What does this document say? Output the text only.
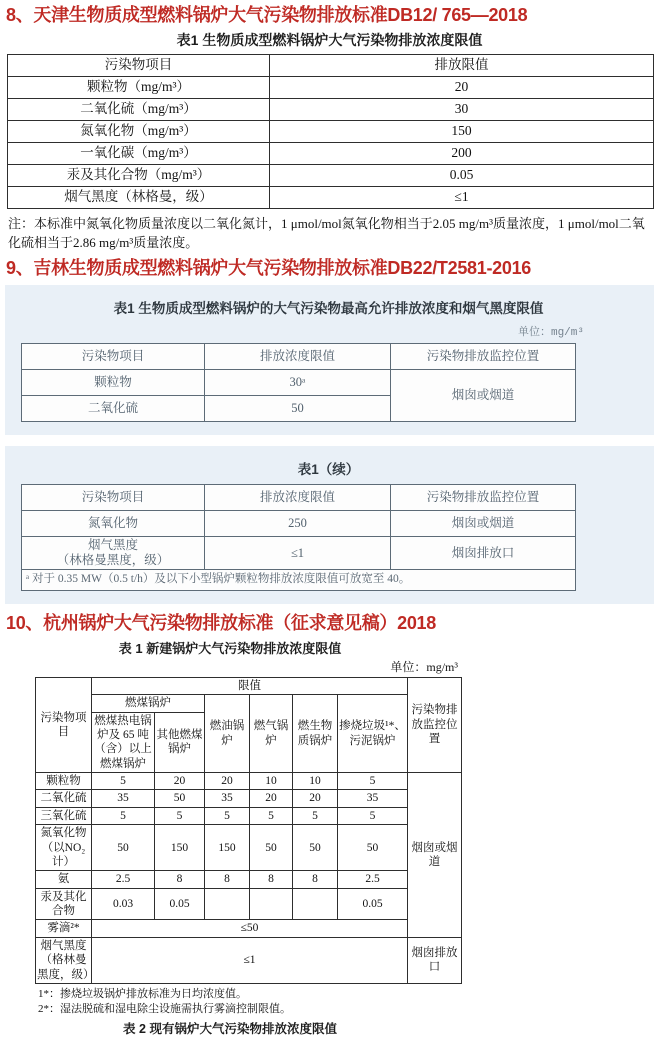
8、天津生物质成型燃料锅炉大气污染物排放标准DB12/ 765—2018
表1 生物质成型燃料锅炉大气污染物排放浓度限值
污染物项目	排放限值
颗粒物（mg/m³）	20
二氧化硫（mg/m³）	30
氮氧化物（mg/m³）	150
一氧化碳（mg/m³）	200
汞及其化合物（mg/m³）	0.05
烟气黑度（林格曼，级）	≤1
注：本标准中氮氧化物质量浓度以二氧化氮计，1 μmol/mol氮氧化物相当于2.05 mg/m³质量浓度，1 μmol/mol二氧化硫相当于2.86 mg/m³质量浓度。
9、吉林生物质成型燃料锅炉大气污染物排放标准DB22/T2581-2016
表1 生物质成型燃料锅炉的大气污染物最高允许排放浓度和烟气黑度限值
单位：mg/m³
污染物项目	排放浓度限值	污染物排放监控位置
颗粒物	30ᵃ	烟囱或烟道
二氧化硫	50	
表1（续）
污染物项目	排放浓度限值	污染物排放监控位置
氮氧化物	250	烟囱或烟道

烟气黑度
（林格曼黑度，级）	≤1	烟囱排放口
ᵃ 对于 0.35 MW（0.5 t/h）及以下小型锅炉颗粒物排放浓度限值可放宽至 40。		
10、杭州锅炉大气污染物排放标准（征求意见稿）2018
表 1 新建锅炉大气污染物排放浓度限值
单位：mg/m³
污染物项目	限值						污染物排放监控位置
	燃煤锅炉		燃油锅炉	燃气锅炉	燃生物质锅炉	掺烧垃圾¹*、污泥锅炉	
	燃煤热电锅炉及 65 吨（含）以上燃煤锅炉	其他燃煤锅炉					
颗粒物	5	20	20	10	10	5	烟囱或烟道
二氧化硫	35	50	35	20	20	35	
三氧化硫	5	5	5	5	5	5	
氮氧化物（以NO₂计）	50	150	150	50	50	50	
氨	2.5	8	8	8	8	2.5	
汞及其化合物	0.03	0.05				0.05	
雾滴²*	≤50						
烟气黑度（格林曼黑度，级）	≤1						烟囱排放口
1*：掺烧垃圾锅炉排放标准为日均浓度值。
2*：湿法脱硫和湿电除尘设施需执行雾滴控制限值。
表 2 现有锅炉大气污染物排放浓度限值
